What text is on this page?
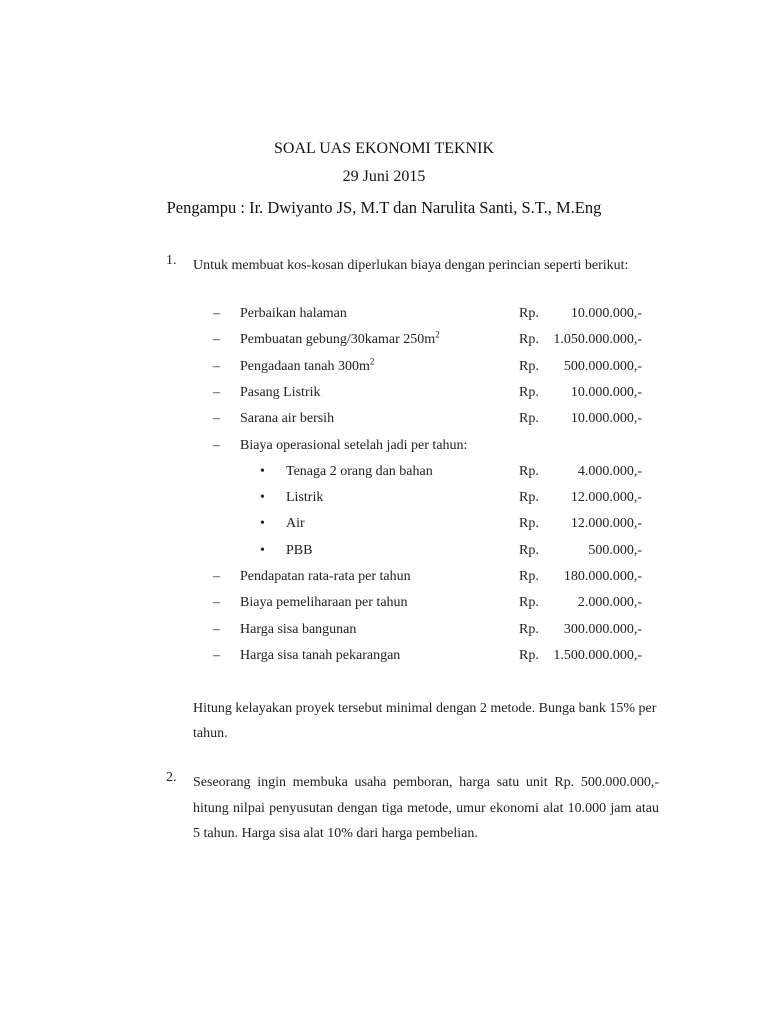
SOAL UAS EKONOMI TEKNIK
29 Juni 2015
Pengampu : Ir. Dwiyanto JS, M.T dan Narulita Santi, S.T., M.Eng
1. Untuk membuat kos-kosan diperlukan biaya dengan perincian seperti berikut:
– Perbaikan halaman	Rp.	10.000.000,-
– Pembuatan gebung/30kamar $250m^2$	Rp.	1.050.000.000,-
– Pengadaan tanah $300m^2$	Rp.	500.000.000,-
– Pasang Listrik	Rp.	10.000.000,-
– Sarana air bersih	Rp.	10.000.000,-
– Biaya operasional setelah jadi per tahun:
• Tenaga 2 orang dan bahan	Rp.	4.000.000,-
• Listrik	Rp.	12.000.000,-
• Air	Rp.	12.000.000,-
• PBB	Rp.	500.000,-
– Pendapatan rata-rata per tahun	Rp.	180.000.000,-
– Biaya pemeliharaan per tahun	Rp.	2.000.000,-
– Harga sisa bangunan	Rp.	300.000.000,-
– Harga sisa tanah pekarangan	Rp.	1.500.000.000,-
Hitung kelayakan proyek tersebut minimal dengan 2 metode. Bunga bank 15% per tahun.
2. Seseorang ingin membuka usaha pemboran, harga satu unit Rp. 500.000.000,- hitung nilpai penyusutan dengan tiga metode, umur ekonomi alat 10.000 jam atau 5 tahun. Harga sisa alat 10% dari harga pembelian.
